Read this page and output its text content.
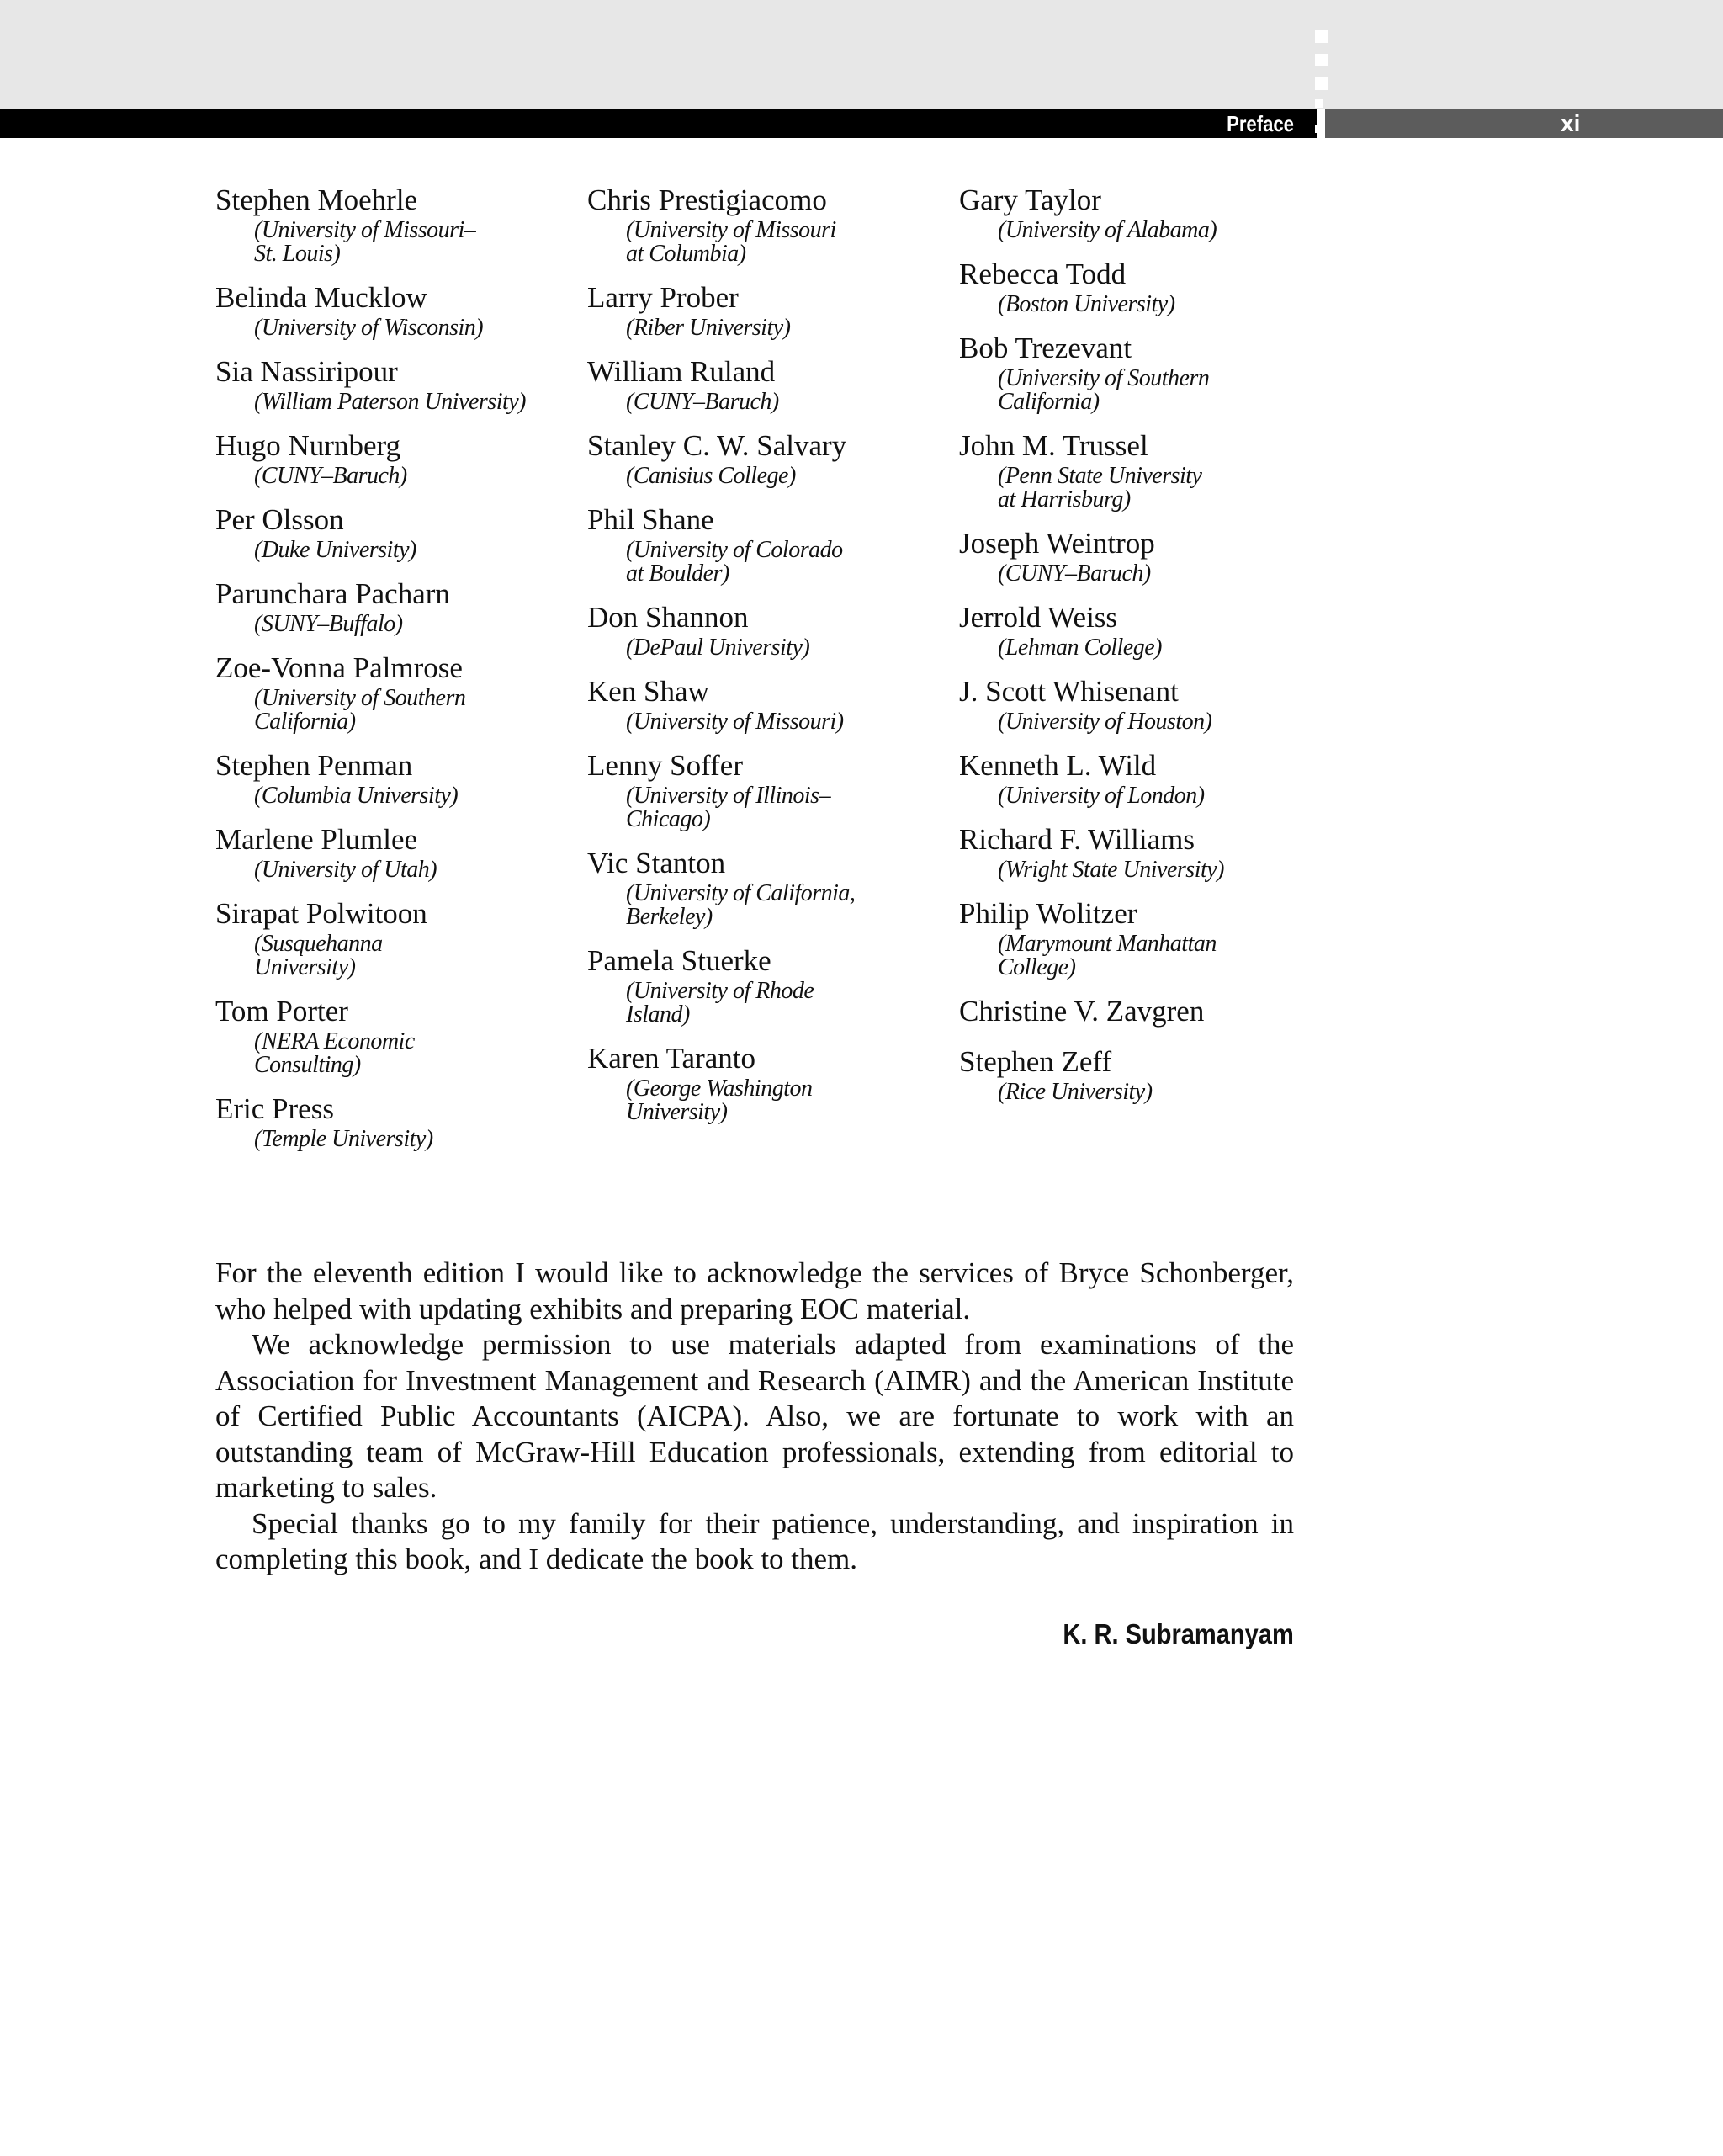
Preface	xi
Stephen Moehrle
(University of Missouri–
St. Louis)
Belinda Mucklow
(University of Wisconsin)
Sia Nassiripour
(William Paterson University)
Hugo Nurnberg
(CUNY–Baruch)
Per Olsson
(Duke University)
Parunchara Pacharn
(SUNY–Buffalo)
Zoe-Vonna Palmrose
(University of Southern
California)
Stephen Penman
(Columbia University)
Marlene Plumlee
(University of Utah)
Sirapat Polwitoon
(Susquehanna
University)
Tom Porter
(NERA Economic
Consulting)
Eric Press
(Temple University)
Chris Prestigiacomo
(University of Missouri
at Columbia)
Larry Prober
(Riber University)
William Ruland
(CUNY–Baruch)
Stanley C. W. Salvary
(Canisius College)
Phil Shane
(University of Colorado
at Boulder)
Don Shannon
(DePaul University)
Ken Shaw
(University of Missouri)
Lenny Soffer
(University of Illinois–
Chicago)
Vic Stanton
(University of California,
Berkeley)
Pamela Stuerke
(University of Rhode
Island)
Karen Taranto
(George Washington
University)
Gary Taylor
(University of Alabama)
Rebecca Todd
(Boston University)
Bob Trezevant
(University of Southern
California)
John M. Trussel
(Penn State University
at Harrisburg)
Joseph Weintrop
(CUNY–Baruch)
Jerrold Weiss
(Lehman College)
J. Scott Whisenant
(University of Houston)
Kenneth L. Wild
(University of London)
Richard F. Williams
(Wright State University)
Philip Wolitzer
(Marymount Manhattan
College)
Christine V. Zavgren
Stephen Zeff
(Rice University)

For the eleventh edition I would like to acknowledge the services of Bryce Schonberger, who helped with updating exhibits and preparing EOC material.

We acknowledge permission to use materials adapted from examinations of the Association for Investment Management and Research (AIMR) and the American Institute of Certified Public Accountants (AICPA). Also, we are fortunate to work with an outstanding team of McGraw-Hill Education professionals, extending from editorial to marketing to sales.

Special thanks go to my family for their patience, understanding, and inspiration in completing this book, and I dedicate the book to them.

K. R. Subramanyam
